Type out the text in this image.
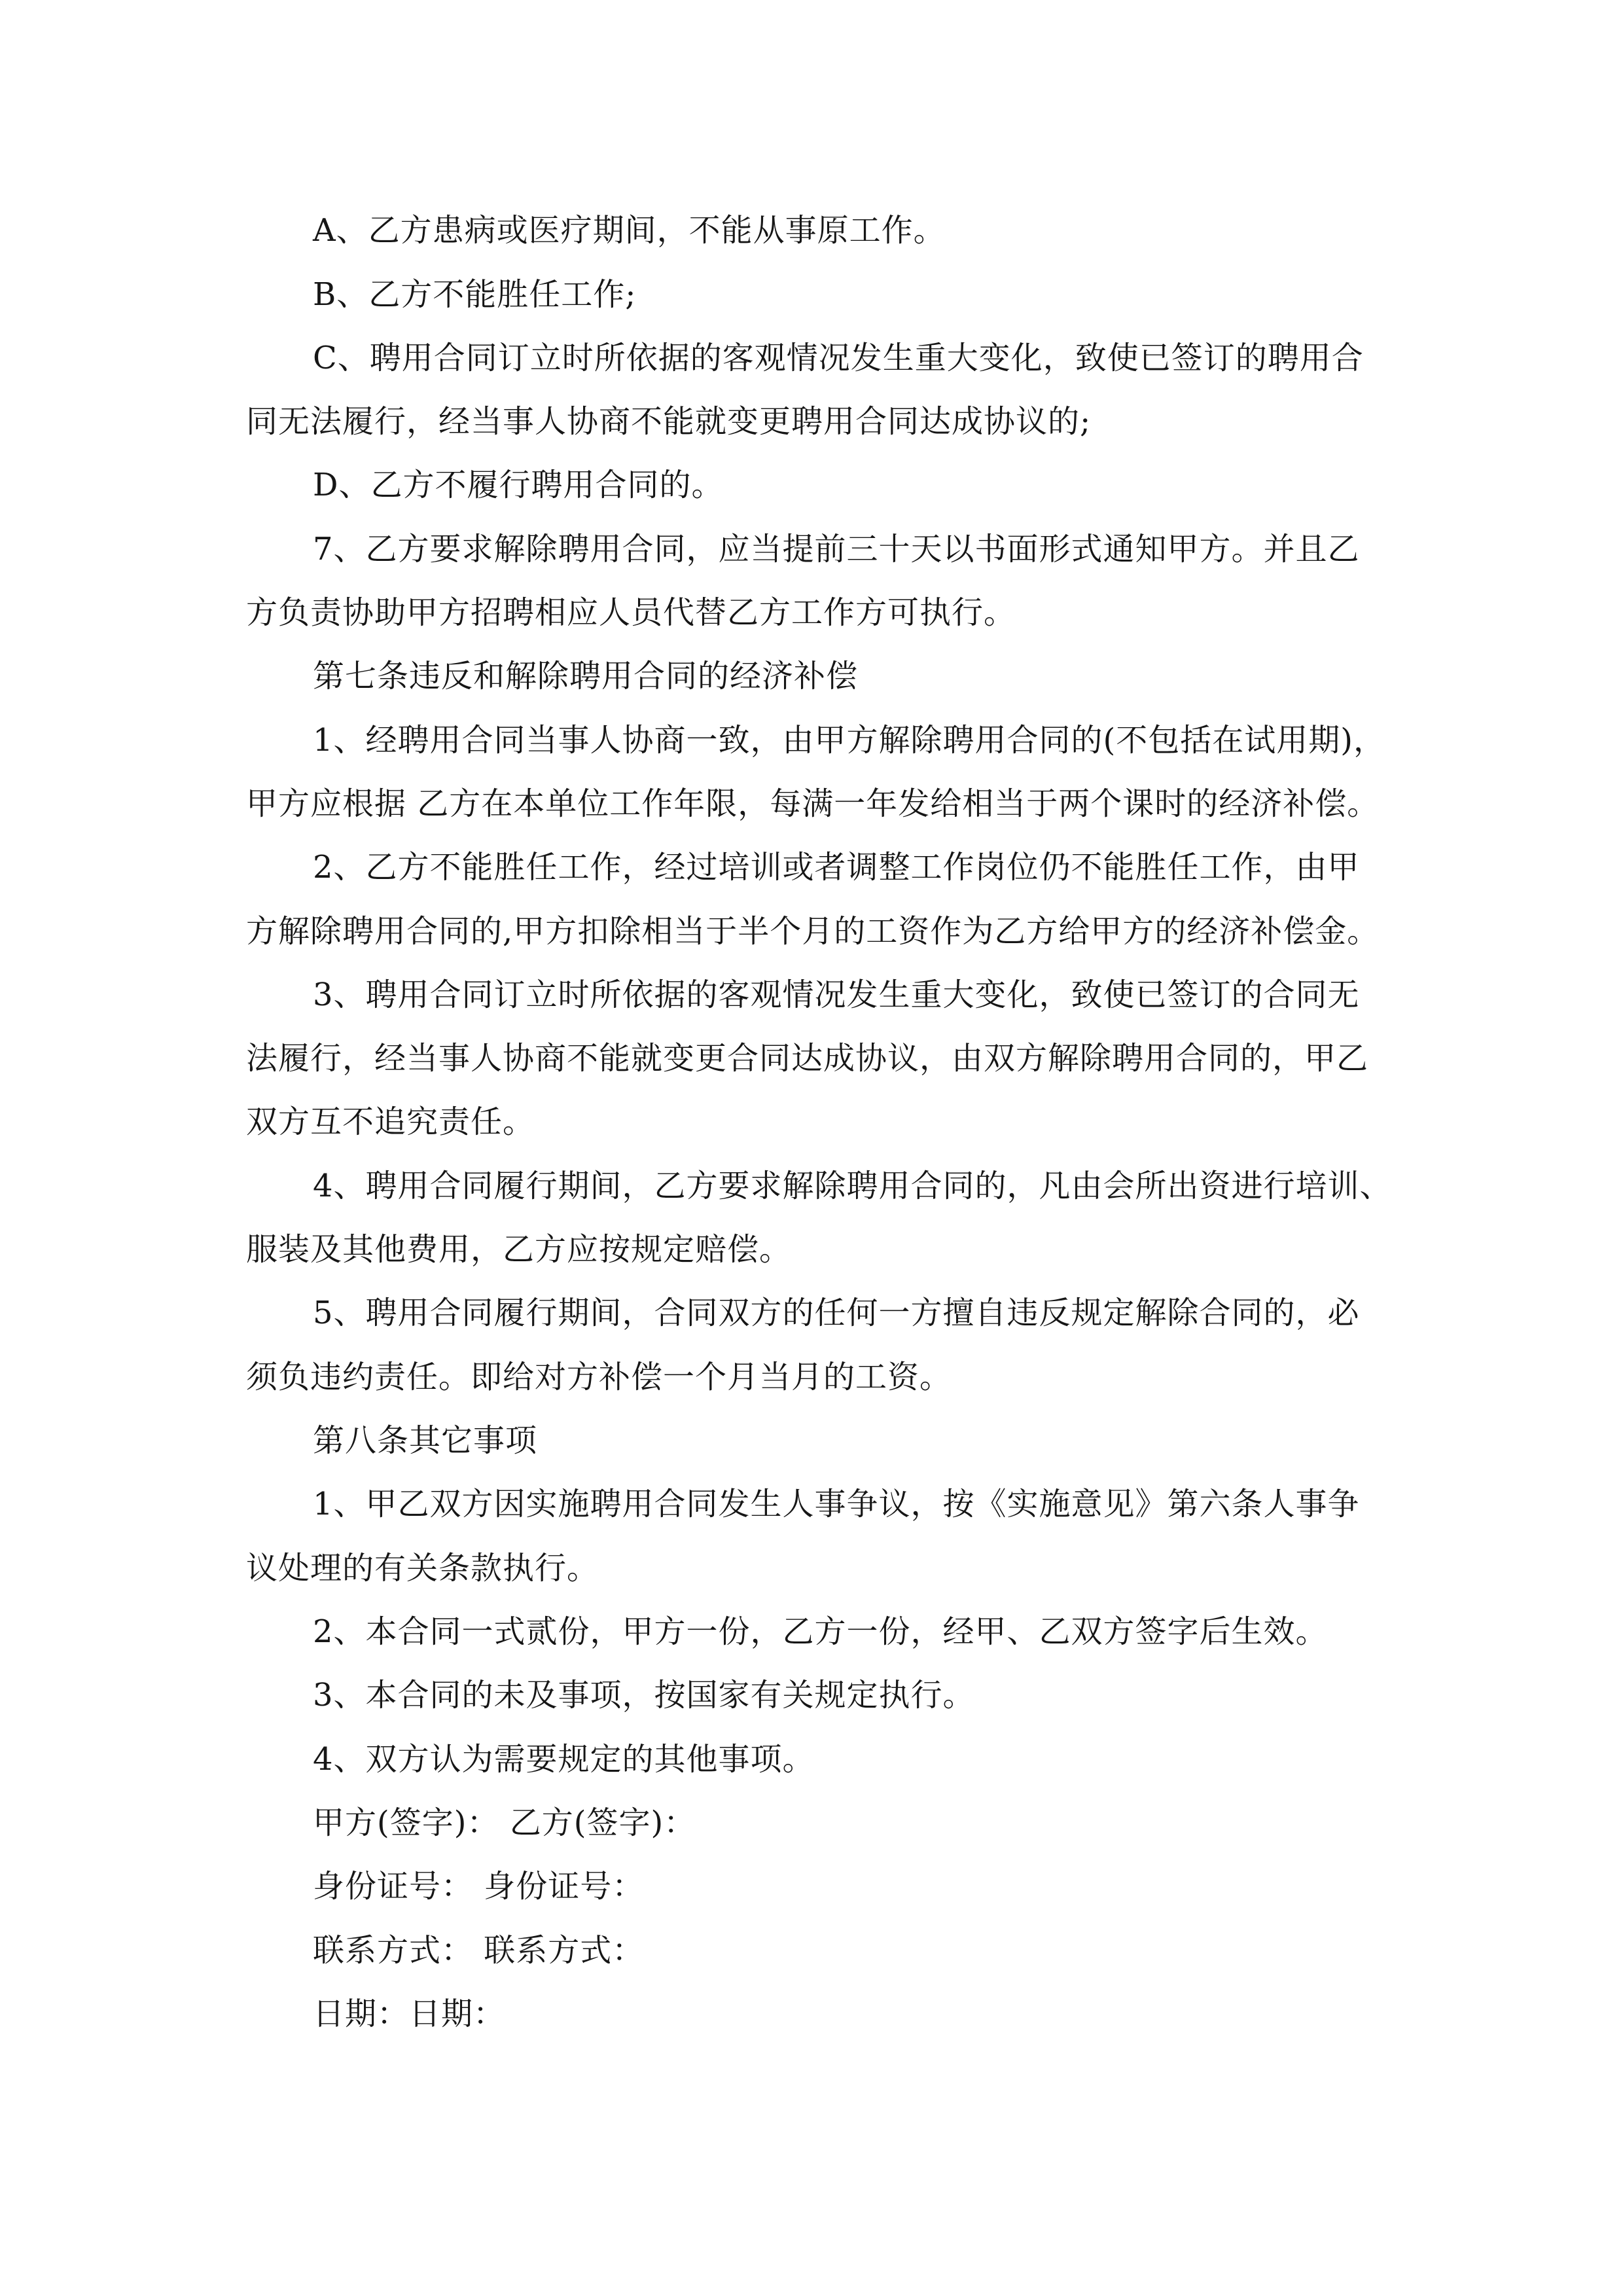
A、乙方患病或医疗期间，不能从事原工作。
B、乙方不能胜任工作;
C、聘用合同订立时所依据的客观情况发生重大变化，致使已签订的聘用合
同无法履行，经当事人协商不能就变更聘用合同达成协议的;
D、乙方不履行聘用合同的。
7、乙方要求解除聘用合同，应当提前三十天以书面形式通知甲方。并且乙
方负责协助甲方招聘相应人员代替乙方工作方可执行。
第七条违反和解除聘用合同的经济补偿
1、经聘用合同当事人协商一致，由甲方解除聘用合同的(不包括在试用期)，
甲方应根据 乙方在本单位工作年限，每满一年发给相当于两个课时的经济补偿。
2、乙方不能胜任工作，经过培训或者调整工作岗位仍不能胜任工作，由甲
方解除聘用合同的,甲方扣除相当于半个月的工资作为乙方给甲方的经济补偿金。
3、聘用合同订立时所依据的客观情况发生重大变化，致使已签订的合同无
法履行，经当事人协商不能就变更合同达成协议，由双方解除聘用合同的，甲乙
双方互不追究责任。
4、聘用合同履行期间，乙方要求解除聘用合同的，凡由会所出资进行培训、
服装及其他费用，乙方应按规定赔偿。
5、聘用合同履行期间，合同双方的任何一方擅自违反规定解除合同的，必
须负违约责任。即给对方补偿一个月当月的工资。
第八条其它事项
1、甲乙双方因实施聘用合同发生人事争议，按《实施意见》第六条人事争
议处理的有关条款执行。
2、本合同一式贰份，甲方一份，乙方一份，经甲、乙双方签字后生效。
3、本合同的未及事项，按国家有关规定执行。
4、双方认为需要规定的其他事项。
甲方(签字)： 乙方(签字)：
身份证号： 身份证号：
联系方式： 联系方式：
日期：日期：
